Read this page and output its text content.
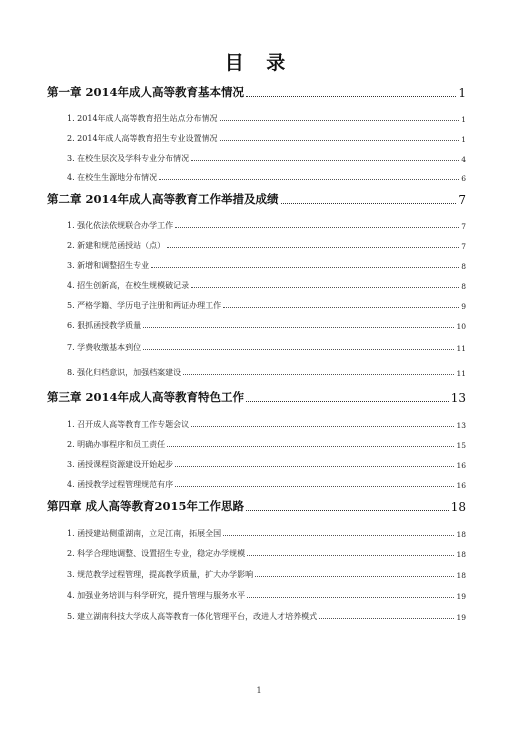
目 录
第一章 2014年成人高等教育基本情况	1
1. 2014年成人高等教育招生站点分布情况	1
2. 2014年成人高等教育招生专业设置情况	1
3. 在校生层次及学科专业分布情况	4
4. 在校生生源地分布情况	6
第二章 2014年成人高等教育工作举措及成绩	7
1. 强化依法依规联合办学工作	7
2. 新建和规范函授站（点）	7
3. 新增和调整招生专业	8
4. 招生创新高，在校生规模破记录	8
5. 严格学籍、学历电子注册和两证办理工作	9
6. 狠抓函授教学质量	10
7. 学费收缴基本到位	11
8. 强化归档意识，加强档案建设	11
第三章 2014年成人高等教育特色工作	13
1. 召开成人高等教育工作专题会议	13
2. 明确办事程序和员工责任	15
3. 函授课程资源建设开始起步	16
4. 函授教学过程管理规范有序	16
第四章 成人高等教育2015年工作思路	18
1. 函授建站侧重湖南，立足江南，拓展全国	18
2. 科学合理地调整、设置招生专业，稳定办学规模	18
3. 规范教学过程管理，提高教学质量，扩大办学影响	18
4. 加强业务培训与科学研究，提升管理与服务水平	19
5. 建立湖南科技大学成人高等教育一体化管理平台，改进人才培养模式	19
1
